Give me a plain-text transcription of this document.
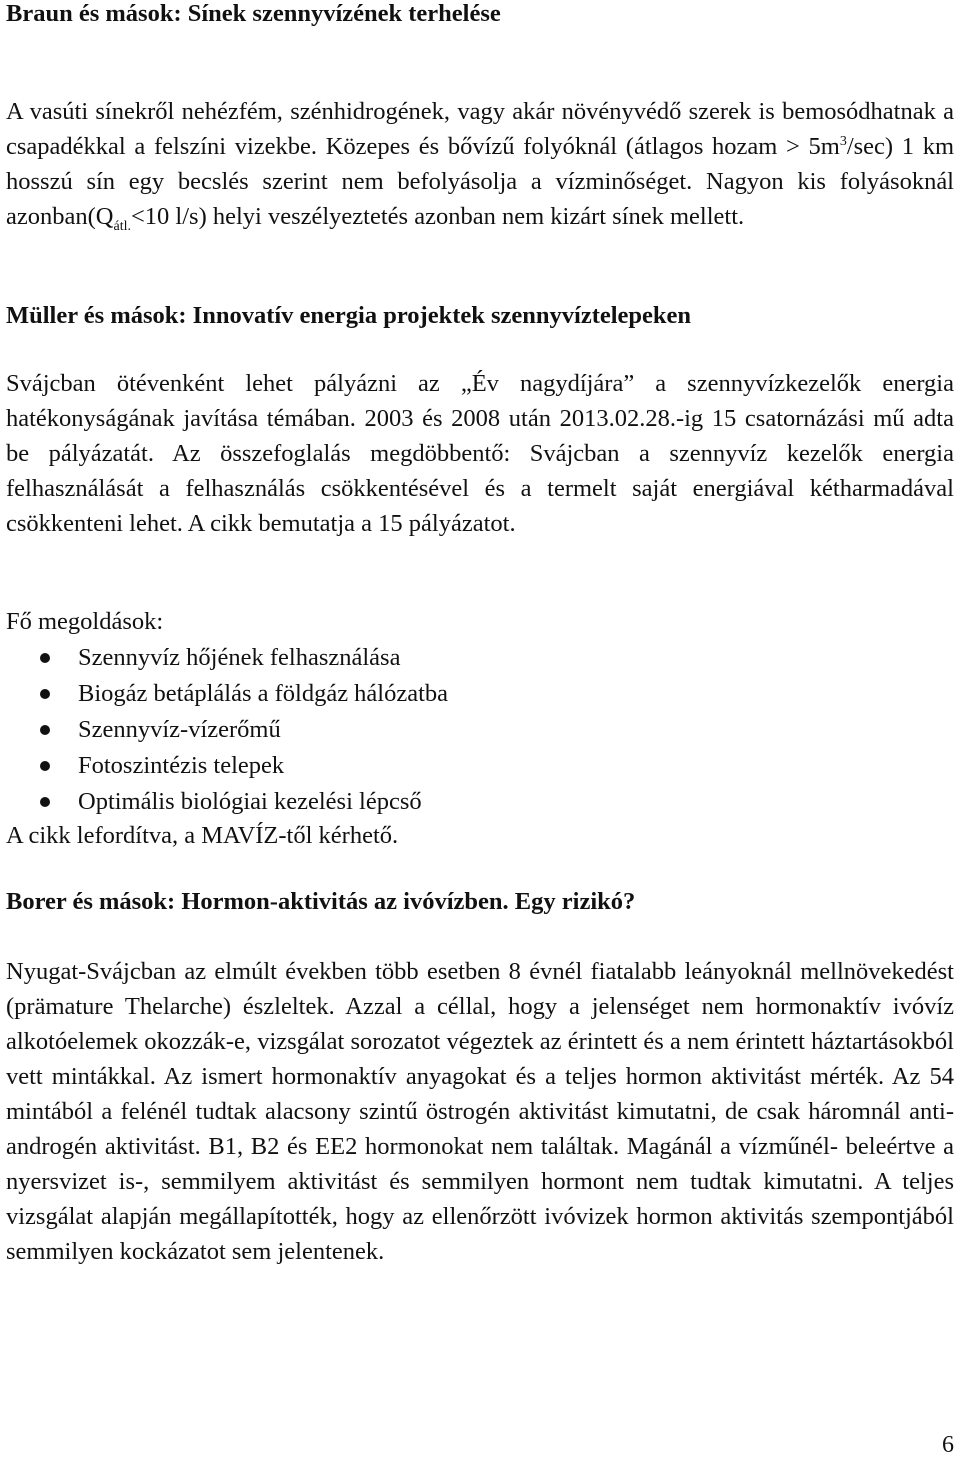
Braun és mások: Sínek szennyvízének terhelése

A vasúti sínekről nehézfém, szénhidrogének, vagy akár növényvédő szerek is bemosódhatnak a csapadékkal a felszíni vizekbe. Közepes és bővízű folyóknál (átlagos hozam > $5m^3/\sec$) 1 km hosszú sín egy becslés szerint nem befolyásolja a vízminőséget. Nagyon kis folyásoknál $azonban(Q_{átl.}<10$ l/s) helyi veszélyeztetés azonban nem kizárt sínek mellett.

Müller és mások: Innovatív energia projektek szennyvíztelepeken

Svájcban ötévenként lehet pályázni az „Év nagydíjára” a szennyvízkezelők energia hatékonyságának javítása témában. 2003 és 2008 után 2013.02.28.-ig 15 csatornázási mű adta be pályázatát. Az összefoglalás megdöbbentő: Svájcban a szennyvíz kezelők energia felhasználását a felhasználás csökkentésével és a termelt saját energiával kétharmadával csökkenteni lehet. A cikk bemutatja a 15 pályázatot.

Fő megoldások:

Szennyvíz hőjének felhasználása
Biogáz betáplálás a földgáz hálózatba
Szennyvíz-vízerőmű
Fotoszintézis telepek
Optimális biológiai kezelési lépcső

A cikk lefordítva, a MAVÍZ-től kérhető.

Borer és mások: Hormon-aktivitás az ivóvízben. Egy rizikó?

Nyugat-Svájcban az elmúlt években több esetben 8 évnél fiatalabb leányoknál mellnövekedést (prämature Thelarche) észleltek. Azzal a céllal, hogy a jelenséget nem hormonaktív ivóvíz alkotóelemek okozzák-e, vizsgálat sorozatot végeztek az érintett és a nem érintett háztartásokból vett mintákkal. Az ismert hormonaktív anyagokat és a teljes hormon aktivitást mérték. Az 54 mintából a felénél tudtak alacsony szintű östrogén aktivitást kimutatni, de csak háromnál anti-androgén aktivitást. B1, B2 és EE2 hormonokat nem találtak. Magánál a vízműnél- beleértve a nyersvizet is-, semmilyem aktivitást és semmilyen hormont nem tudtak kimutatni. A teljes vizsgálat alapján megállapítotték, hogy az ellenőrzött ivóvizek hormon aktivitás szempontjából semmilyen kockázatot sem jelentenek.

6
